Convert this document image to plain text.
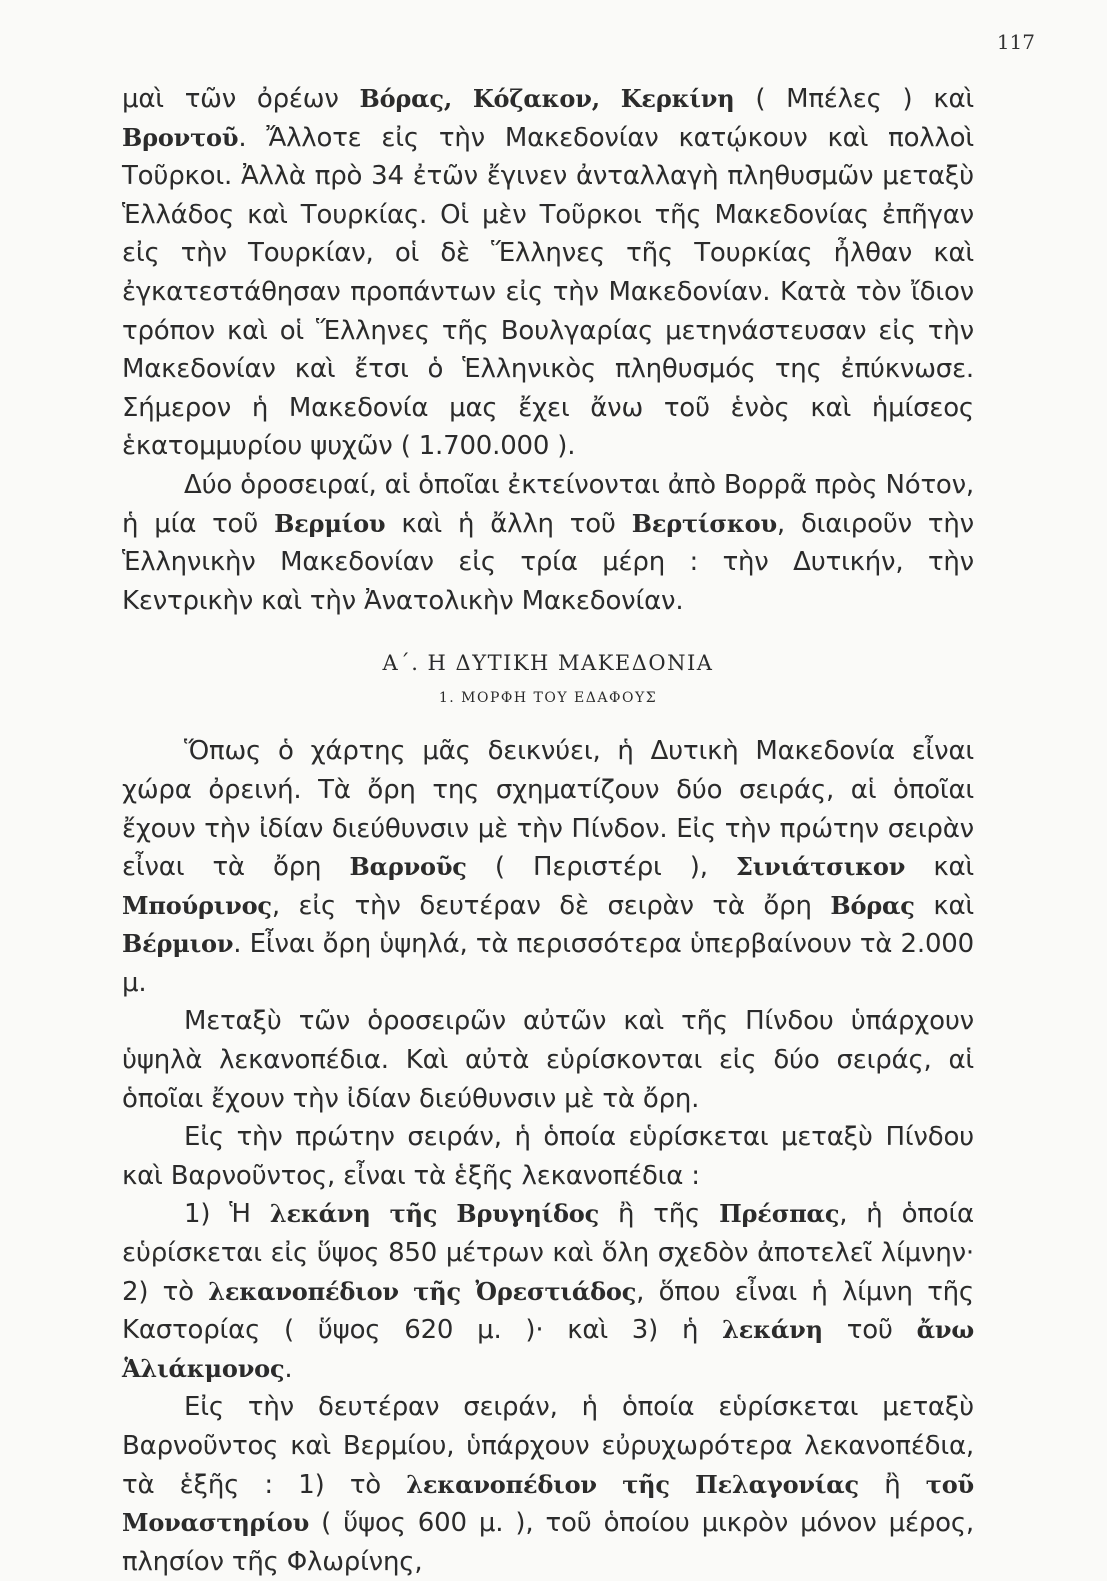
117

μαὶ τῶν ὀρέων Βόρας, Κόζακον, Κερκίνη ( Μπέλες ) καὶ Βροντοῦ. Ἄλλοτε εἰς τὴν Μακεδονίαν κατῴκουν καὶ πολλοὶ Τοῦρκοι. Ἀλλὰ πρὸ 34 ἐτῶν ἔγινεν ἀνταλλαγὴ πληθυσμῶν μεταξὺ Ἑλλάδος καὶ Τουρκίας. Οἱ μὲν Τοῦρκοι τῆς Μακεδονίας ἐπῆγαν εἰς τὴν Τουρκίαν, οἱ δὲ Ἕλληνες τῆς Τουρκίας ἦλθαν καὶ ἐγκατεστάθησαν προπάντων εἰς τὴν Μακεδονίαν. Κατὰ τὸν ἴδιον τρόπον καὶ οἱ Ἕλληνες τῆς Βουλγαρίας μετηνάστευσαν εἰς τὴν Μακεδονίαν καὶ ἔτσι ὁ Ἑλληνικὸς πληθυσμός της ἐπύκνωσε. Σήμερον ἡ Μακεδονία μας ἔχει ἄνω τοῦ ἑνὸς καὶ ἡμίσεος ἑκατομμυρίου ψυχῶν ( 1.700.000 ).

Δύο ὁροσειραί, αἱ ὁποῖαι ἐκτείνονται ἀπὸ Βορρᾶ πρὸς Νότον, ἡ μία τοῦ Βερμίου καὶ ἡ ἄλλη τοῦ Βερτίσκου, διαιροῦν τὴν Ἑλληνικὴν Μακεδονίαν εἰς τρία μέρη : τὴν Δυτικήν, τὴν Κεντρικὴν καὶ τὴν Ἀνατολικὴν Μακεδονίαν.

Α΄. Η ΔΥΤΙΚΗ ΜΑΚΕΔΟΝΙΑ
1. ΜΟΡΦΗ ΤΟΥ ΕΔΑΦΟΥΣ

Ὅπως ὁ χάρτης μᾶς δεικνύει, ἡ Δυτικὴ Μακεδονία εἶναι χώρα ὀρεινή. Τὰ ὄρη της σχηματίζουν δύο σειράς, αἱ ὁποῖαι ἔχουν τὴν ἰδίαν διεύθυνσιν μὲ τὴν Πίνδον. Εἰς τὴν πρώτην σειρὰν εἶναι τὰ ὄρη Βαρνοῦς ( Περιστέρι ), Σινιάτσικον καὶ Μπούρινος, εἰς τὴν δευτέραν δὲ σειρὰν τὰ ὄρη Βόρας καὶ Βέρμιον. Εἶναι ὄρη ὑψηλά, τὰ περισσότερα ὑπερβαίνουν τὰ 2.000 μ.

Μεταξὺ τῶν ὁροσειρῶν αὐτῶν καὶ τῆς Πίνδου ὑπάρχουν ὑψηλὰ λεκανοπέδια. Καὶ αὐτὰ εὑρίσκονται εἰς δύο σειράς, αἱ ὁποῖαι ἔχουν τὴν ἰδίαν διεύθυνσιν μὲ τὰ ὄρη.

Εἰς τὴν πρώτην σειράν, ἡ ὁποία εὑρίσκεται μεταξὺ Πίνδου καὶ Βαρνοῦντος, εἶναι τὰ ἑξῆς λεκανοπέδια :

1) Ἡ λεκάνη τῆς Βρυγηίδος ἢ τῆς Πρέσπας, ἡ ὁποία εὑρίσκεται εἰς ὕψος 850 μέτρων καὶ ὅλη σχεδὸν ἀποτελεῖ λίμνην· 2) τὸ λεκανοπέδιον τῆς Ὀρεστιάδος, ὅπου εἶναι ἡ λίμνη τῆς Καστορίας ( ὕψος 620 μ. )· καὶ 3) ἡ λεκάνη τοῦ ἄνω Ἁλιάκμονος.

Εἰς τὴν δευτέραν σειράν, ἡ ὁποία εὑρίσκεται μεταξὺ Βαρνοῦντος καὶ Βερμίου, ὑπάρχουν εὐρυχωρότερα λεκανοπέδια, τὰ ἑξῆς : 1) τὸ λεκανοπέδιον τῆς Πελαγονίας ἢ τοῦ Μοναστηρίου ( ὕψος 600 μ. ), τοῦ ὁποίου μικρὸν μόνον μέρος, πλησίον τῆς Φλωρίνης,
